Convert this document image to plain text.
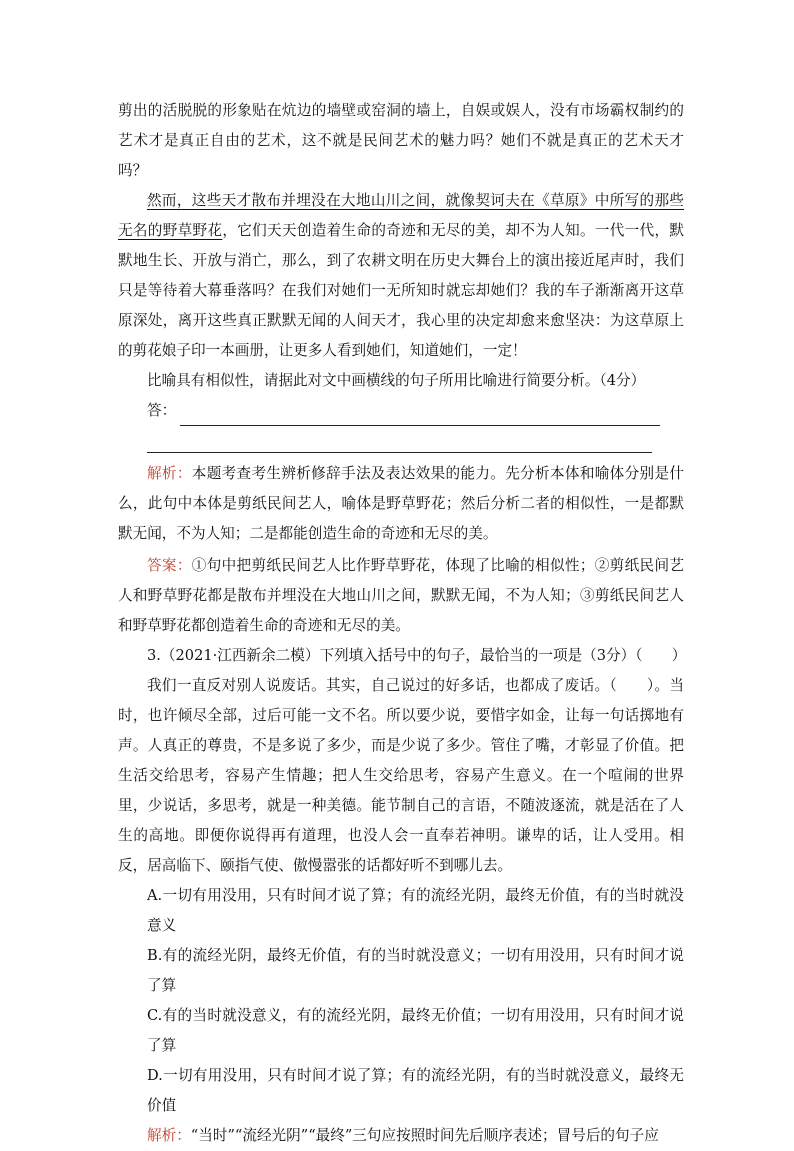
剪出的活脱脱的形象贴在炕边的墙壁或窑洞的墙上，自娱或娱人，没有市场霸权制约的艺术才是真正自由的艺术，这不就是民间艺术的魅力吗？她们不就是真正的艺术天才吗？

然而，这些天才散布并埋没在大地山川之间，就像契诃夫在《草原》中所写的那些无名的野草野花，它们天天创造着生命的奇迹和无尽的美，却不为人知。一代一代，默默地生长、开放与消亡，那么，到了农耕文明在历史大舞台上的演出接近尾声时，我们只是等待着大幕垂落吗？在我们对她们一无所知时就忘却她们？我的车子渐渐离开这草原深处，离开这些真正默默无闻的人间天才，我心里的决定却愈来愈坚决：为这草原上的剪花娘子印一本画册，让更多人看到她们，知道她们，一定！

比喻具有相似性，请据此对文中画横线的句子所用比喻进行简要分析。（4分）

答：

解析：本题考查考生辨析修辞手法及表达效果的能力。先分析本体和喻体分别是什么，此句中本体是剪纸民间艺人，喻体是野草野花；然后分析二者的相似性，一是都默默无闻，不为人知；二是都能创造生命的奇迹和无尽的美。

答案：①句中把剪纸民间艺人比作野草野花，体现了比喻的相似性；②剪纸民间艺人和野草野花都是散布并埋没在大地山川之间，默默无闻，不为人知；③剪纸民间艺人和野草野花都创造着生命的奇迹和无尽的美。

3.（2021·江西新余二模）下列填入括号中的句子，最恰当的一项是（3分）（　　）

我们一直反对别人说废话。其实，自己说过的好多话，也都成了废话。（　　）。当时，也许倾尽全部，过后可能一文不名。所以要少说，要惜字如金，让每一句话掷地有声。人真正的尊贵，不是多说了多少，而是少说了多少。管住了嘴，才彰显了价值。把生活交给思考，容易产生情趣；把人生交给思考，容易产生意义。在一个喧闹的世界里，少说话，多思考，就是一种美德。能节制自己的言语，不随波逐流，就是活在了人生的高地。即便你说得再有道理，也没人会一直奉若神明。谦卑的话，让人受用。相反，居高临下、颐指气使、傲慢嚣张的话都好听不到哪儿去。

A.一切有用没用，只有时间才说了算；有的流经光阴，最终无价值，有的当时就没意义

B.有的流经光阴，最终无价值，有的当时就没意义；一切有用没用，只有时间才说了算

C.有的当时就没意义，有的流经光阴，最终无价值；一切有用没用，只有时间才说了算

D.一切有用没用，只有时间才说了算；有的流经光阴，有的当时就没意义，最终无价值

解析：“当时”“流经光阴”“最终”三句应按照时间先后顺序表述；冒号后的句子应
